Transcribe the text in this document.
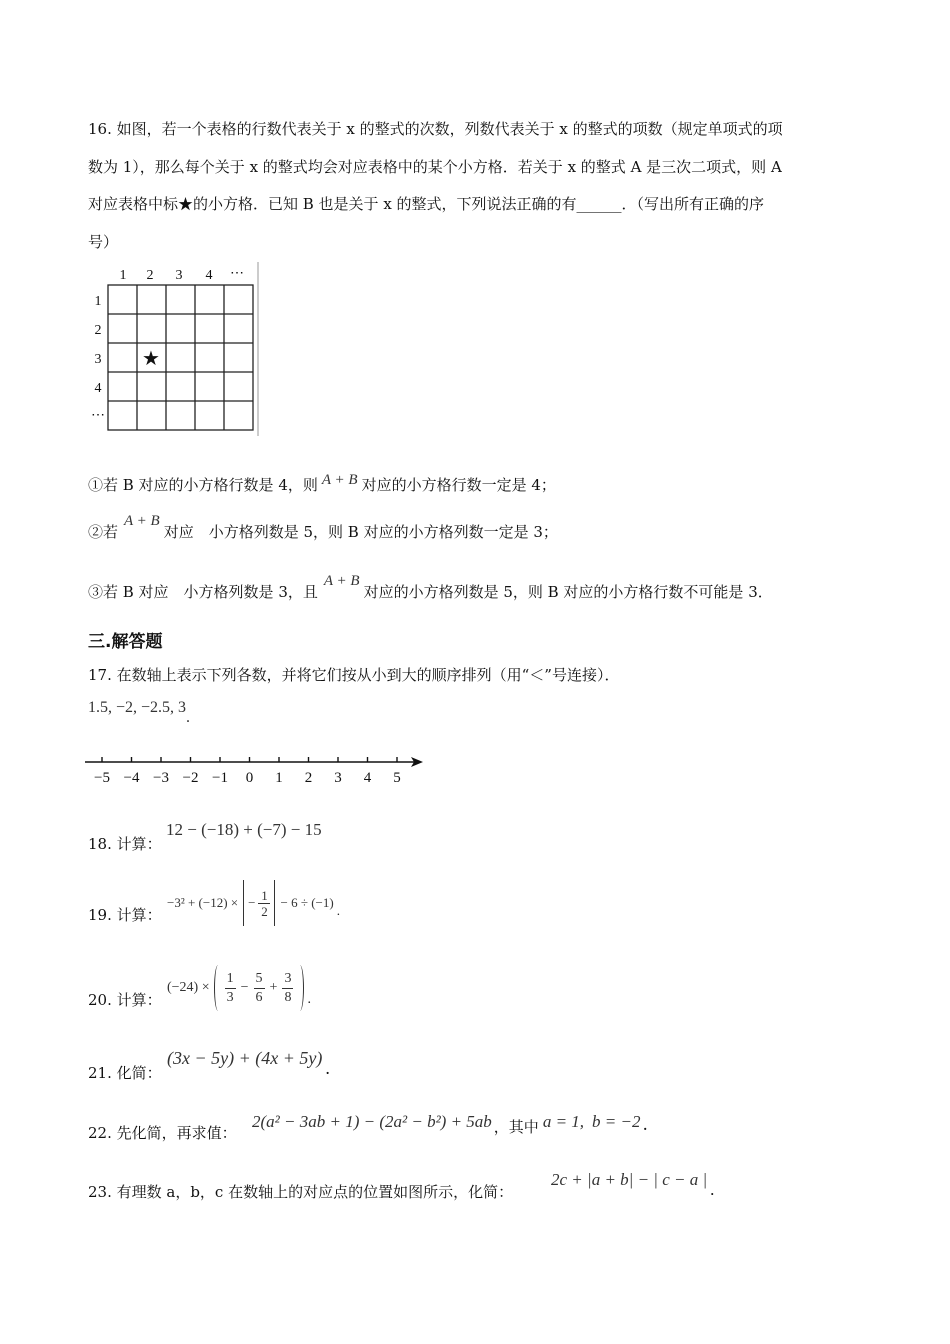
16. 如图，若一个表格的行数代表关于 x 的整式的次数，列数代表关于 x 的整式的项数（规定单项式的项
数为 1），那么每个关于 x 的整式均会对应表格中的某个小方格．若关于 x 的整式 A 是三次二项式，则 A
对应表格中标★的小方格．已知 B 也是关于 x 的整式，下列说法正确的有______．（写出所有正确的序
号）
1 2 3 4 ⋯
1
2
3
4
⋯
★
①若 B 对应的小方格行数是 4，则 A + B 对应的小方格行数一定是 4；
②若A + B对应　小方格列数是 5，则 B 对应的小方格列数一定是 3；
③若 B 对应　小方格列数是 3，且A + B对应的小方格列数是 5，则 B 对应的小方格行数不可能是 3．
三.解答题
17. 在数轴上表示下列各数，并将它们按从小到大的顺序排列（用“＜”号连接）．
1.5, −2, −2.5, 3.
−5 −4 −3 −2 −1 0 1 2 3 4 5
18. 计算：
12 − (−18) + (−7) − 15
19. 计算：
−3² + (−12) × − 1
2
− 6 ÷ (−1)
.
20. 计算：
(−24) ×
1
3
−
5
6
+
3
8 .
21. 化简：
(3x − 5y) + (4x + 5y) .
22. 先化简，再求值：
2(a² − 3ab + 1) − (2a² − b²) + 5ab ，其中 a = 1, b = −2 .
23. 有理数 a，b，c 在数轴上的对应点的位置如图所示，化简：
2c + |a + b| − | c − a |.
